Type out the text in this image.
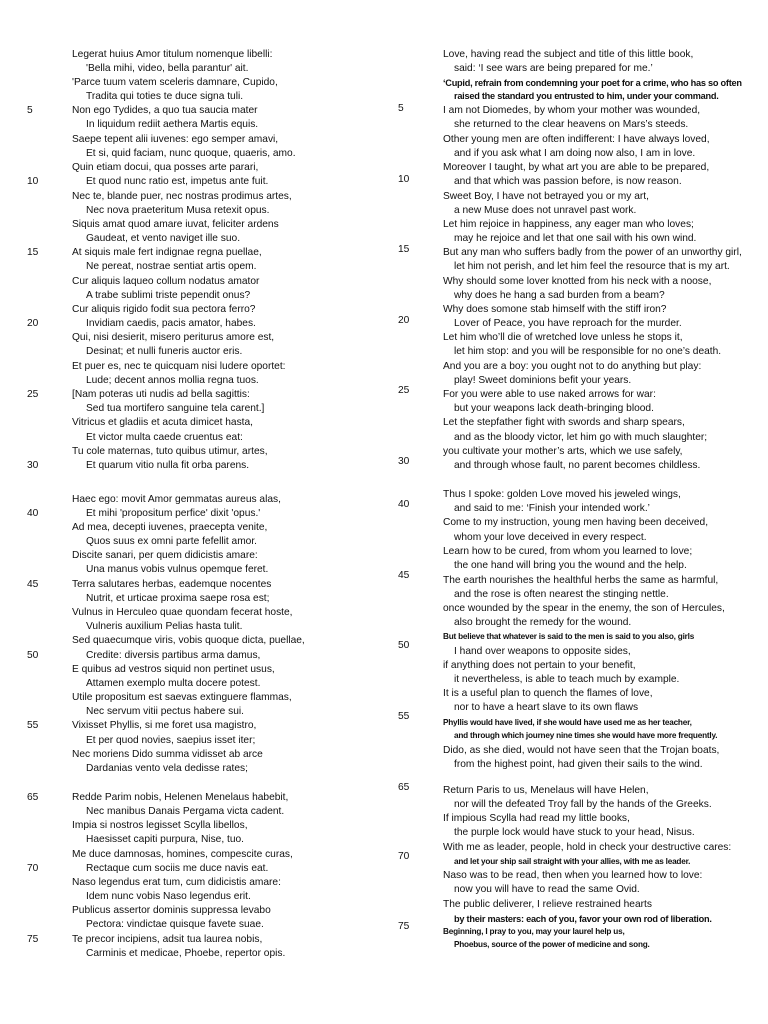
Legerat huius Amor titulum nomenque libelli:
'Bella mihi, video, bella parantur' ait.
'Parce tuum vatem sceleris damnare, Cupido,
Tradita qui toties te duce signa tuli.
Non ego Tydides, a quo tua saucia mater
In liquidum rediit aethera Martis equis.
Saepe tepent alii iuvenes: ego semper amavi,
Et si, quid faciam, nunc quoque, quaeris, amo.
Quin etiam docui, qua posses arte parari,
Et quod nunc ratio est, impetus ante fuit.
Nec te, blande puer, nec nostras prodimus artes,
Nec nova praeteritum Musa retexit opus.
Siquis amat quod amare iuvat, feliciter ardens
Gaudeat, et vento naviget ille suo.
At siquis male fert indignae regna puellae,
Ne pereat, nostrae sentiat artis opem.
Cur aliquis laqueo collum nodatus amator
A trabe sublimi triste pependit onus?
Cur aliquis rigido fodit sua pectora ferro?
Invidiam caedis, pacis amator, habes.
Qui, nisi desierit, misero periturus amore est,
Desinat; et nulli funeris auctor eris.
Et puer es, nec te quicquam nisi ludere oportet:
Lude; decent annos mollia regna tuos.
[Nam poteras uti nudis ad bella sagittis:
Sed tua mortifero sanguine tela carent.]
Vitricus et gladiis et acuta dimicet hasta,
Et victor multa caede cruentus eat:
Tu cole maternas, tuto quibus utimur, artes,
Et quarum vitio nulla fit orba parens.
Haec ego: movit Amor gemmatas aureus alas,
Et mihi 'propositum perfice' dixit 'opus.'
Ad mea, decepti iuvenes, praecepta venite,
Quos suus ex omni parte fefellit amor.
Discite sanari, per quem didicistis amare:
Una manus vobis vulnus opemque feret.
Terra salutares herbas, eademque nocentes
Nutrit, et urticae proxima saepe rosa est;
Vulnus in Herculeo quae quondam fecerat hoste,
Vulneris auxilium Pelias hasta tulit.
Sed quaecumque viris, vobis quoque dicta, puellae,
Credite: diversis partibus arma damus,
E quibus ad vestros siquid non pertinet usus,
Attamen exemplo multa docere potest.
Utile propositum est saevas extinguere flammas,
Nec servum vitii pectus habere sui.
Vixisset Phyllis, si me foret usa magistro,
Et per quod novies, saepius isset iter;
Nec moriens Dido summa vidisset ab arce
Dardanias vento vela dedisse rates;
Redde Parim nobis, Helenen Menelaus habebit,
Nec manibus Danais Pergama victa cadent.
Impia si nostros legisset Scylla libellos,
Haesisset capiti purpura, Nise, tuo.
Me duce damnosas, homines, compescite curas,
Rectaque cum sociis me duce navis eat.
Naso legendus erat tum, cum didicistis amare:
Idem nunc vobis Naso legendus erit.
Publicus assertor dominis suppressa levabo
Pectora: vindictae quisque favete suae.
Te precor incipiens, adsit tua laurea nobis,
Carminis et medicae, Phoebe, repertor opis.
5
10
15
20
25
30
40
45
50
55
65
70
75
Love, having read the subject and title of this little book,
said: ‘I see wars are being prepared for me.’
‘Cupid, refrain from condemning your poet for a crime, who has so often
raised the standard you entrusted to him, under your command.
I am not Diomedes, by whom your mother was wounded,
she returned to the clear heavens on Mars’s steeds.
Other young men are often indifferent: I have always loved,
and if you ask what I am doing now also, I am in love.
Moreover I taught, by what art you are able to be prepared,
and that which was passion before, is now reason.
Sweet Boy, I have not betrayed you or my art,
a new Muse does not unravel past work.
Let him rejoice in happiness, any eager man who loves;
may he rejoice and let that one sail with his own wind.
But any man who suffers badly from the power of an unworthy girl,
let him not perish, and let him feel the resource that is my art.
Why should some lover knotted from his neck with a noose,
why does he hang a sad burden from a beam?
Why does somone stab himself with the stiff iron?
Lover of Peace, you have reproach for the murder.
Let him who’ll die of wretched love unless he stops it,
let him stop: and you will be responsible for no one’s death.
And you are a boy: you ought not to do anything but play:
play! Sweet dominions befit your years.
For you were able to use naked arrows for war:
but your weapons lack death-bringing blood.
Let the stepfather fight with swords and sharp spears,
and as the bloody victor, let him go with much slaughter;
you cultivate your mother’s arts, which we use safely,
and through whose fault, no parent becomes childless.
Thus I spoke: golden Love moved his jeweled wings,
and said to me: ‘Finish your intended work.’
Come to my instruction, young men having been deceived,
whom your love deceived in every respect.
Learn how to be cured, from whom you learned to love;
the one hand will bring you the wound and the help.
The earth nourishes the healthful herbs the same as harmful,
and the rose is often nearest the stinging nettle.
once wounded by the spear in the enemy, the son of Hercules,
also brought the remedy for the wound.
But believe that whatever is said to the men is said to you also, girls
I hand over weapons to opposite sides,
if anything does not pertain to your benefit,
it nevertheless, is able to teach much by example.
It is a useful plan to quench the flames of love,
nor to have a heart slave to its own flaws
Phyllis would have lived, if she would have used me as her teacher,
and through which journey nine times she would have more frequently.
Dido, as she died, would not have seen that the Trojan boats,
from the highest point, had given their sails to the wind.
Return Paris to us, Menelaus will have Helen,
nor will the defeated Troy fall by the hands of the Greeks.
If impious Scylla had read my little books,
the purple lock would have stuck to your head, Nisus.
With me as leader, people, hold in check your destructive cares:
and let your ship sail straight with your allies, with me as leader.
Naso was to be read, then when you learned how to love:
now you will have to read the same Ovid.
The public deliverer, I relieve restrained hearts
by their masters: each of you, favor your own rod of liberation.
Beginning, I pray to you, may your laurel help us,
Phoebus, source of the power of medicine and song.
5
10
15
20
25
30
40
45
50
55
65
70
75
